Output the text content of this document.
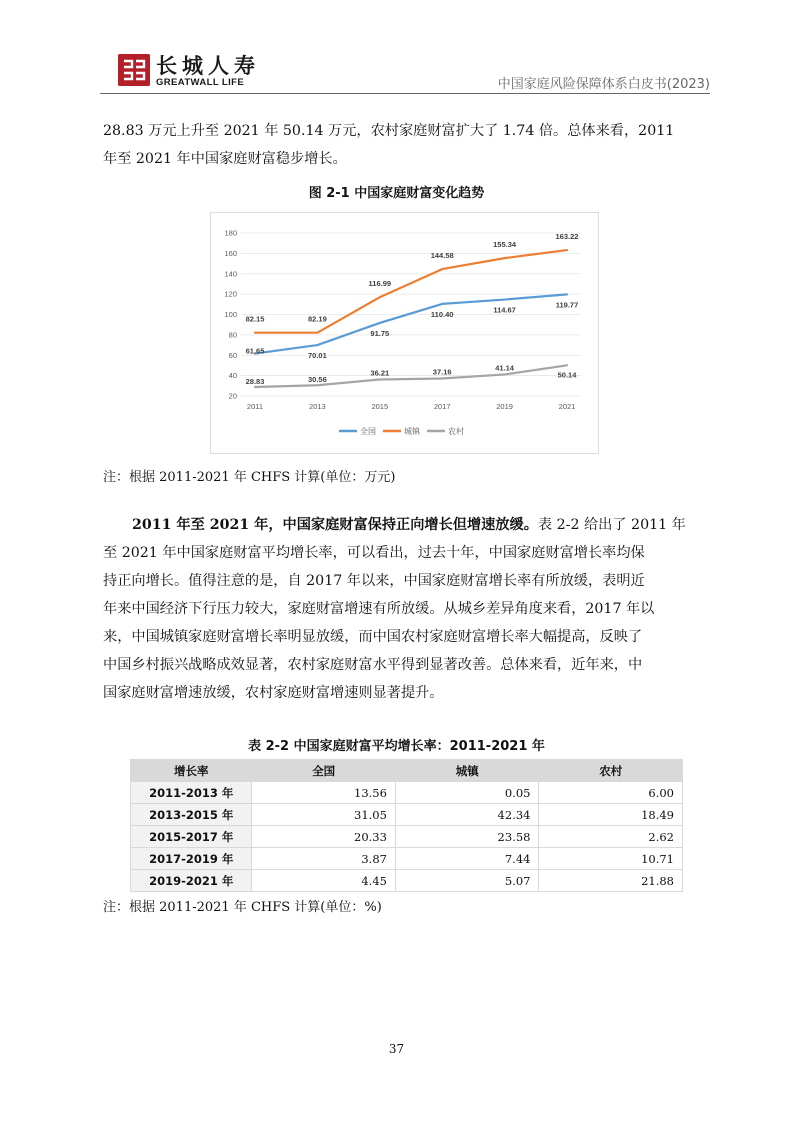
长城人寿
GREATWALL LIFE	中国家庭风险保障体系白皮书(2023)
28.83 万元上升至 2021 年 50.14 万元，农村家庭财富扩大了 1.74 倍。总体来看，2011
年至 2021 年中国家庭财富稳步增长。
图 2-1 中国家庭财富变化趋势
20
40
60
80
100
120
140
160
180
2011	2013	2015	2017	2019	2021
61.65	70.01
91.75
110.40	114.67
119.77
82.15	82.19
116.99
144.58
155.34
163.22
28.83	30.56
36.21	37.16	41.14
50.14
全国	城镇	农村
注：根据 2011-2021 年 CHFS 计算(单位：万元)
2011 年至 2021 年，中国家庭财富保持正向增长但增速放缓。表 2-2 给出了 2011 年
至 2021 年中国家庭财富平均增长率，可以看出，过去十年，中国家庭财富增长率均保
持正向增长。值得注意的是，自 2017 年以来，中国家庭财富增长率有所放缓，表明近
年来中国经济下行压力较大，家庭财富增速有所放缓。从城乡差异角度来看，2017 年以
来，中国城镇家庭财富增长率明显放缓，而中国农村家庭财富增长率大幅提高，反映了
中国乡村振兴战略成效显著，农村家庭财富水平得到显著改善。总体来看，近年来，中
国家庭财富增速放缓，农村家庭财富增速则显著提升。
表 2-2 中国家庭财富平均增长率：2011-2021 年
增长率	全国	城镇	农村
2011-2013 年	13.56	0.05	6.00
2013-2015 年	31.05	42.34	18.49
2015-2017 年	20.33	23.58	2.62
2017-2019 年	3.87	7.44	10.71
2019-2021 年	4.45	5.07	21.88
注：根据 2011-2021 年 CHFS 计算(单位：%)
37
